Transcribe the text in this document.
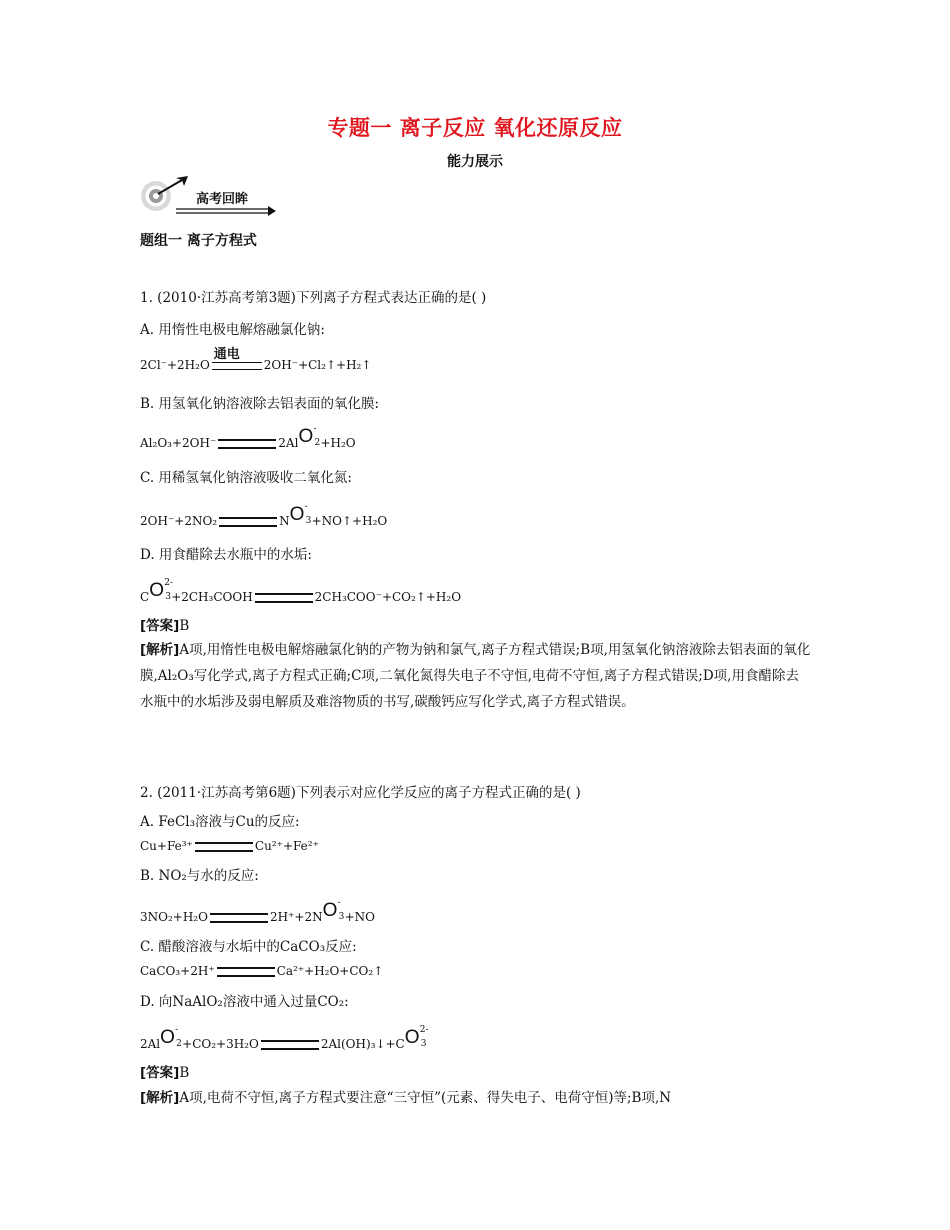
专题一 离子反应 氧化还原反应
能力展示
高考回眸
题组一 离子方程式
1. (2010·江苏高考第3题)下列离子方程式表达正确的是( )
A. 用惰性电极电解熔融氯化钠:
2Cl⁻+2H₂O
通电
2OH⁻+Cl₂↑+H₂↑
B. 用氢氧化钠溶液除去铝表面的氧化膜:
Al₂O₃+2OH⁻	2Al O -
2 +H₂O
C. 用稀氢氧化钠溶液吸收二氧化氮:
2OH⁻+2NO₂	N O -
3 +NO↑+H₂O
D. 用食醋除去水瓶中的水垢:
C O 2-
3 +2CH₃COOH	2CH₃COO⁻+CO₂↑+H₂O
[答案]B
[解析]A项,用惰性电极电解熔融氯化钠的产物为钠和氯气,离子方程式错误;B项,用氢氧化钠溶液除去铝表面的氧化膜,Al₂O₃写化学式,离子方程式正确;C项,二氧化氮得失电子不守恒,电荷不守恒,离子方程式错误;D项,用食醋除去水瓶中的水垢涉及弱电解质及难溶物质的书写,碳酸钙应写化学式,离子方程式错误。
2. (2011·江苏高考第6题)下列表示对应化学反应的离子方程式正确的是( )
A. FeCl₃溶液与Cu的反应:
Cu+Fe³⁺	Cu²⁺+Fe²⁺
B. NO₂与水的反应:
3NO₂+H₂O	2H⁺+2N O -
3 +NO
C. 醋酸溶液与水垢中的CaCO₃反应:
CaCO₃+2H⁺	Ca²⁺+H₂O+CO₂↑
D. 向NaAlO₂溶液中通入过量CO₂:
2Al O -
2 +CO₂+3H₂O	2Al(OH)₃↓+C O 2-
3
[答案]B
[解析]A项,电荷不守恒,离子方程式要注意“三守恒”(元素、得失电子、电荷守恒)等;B项,N
